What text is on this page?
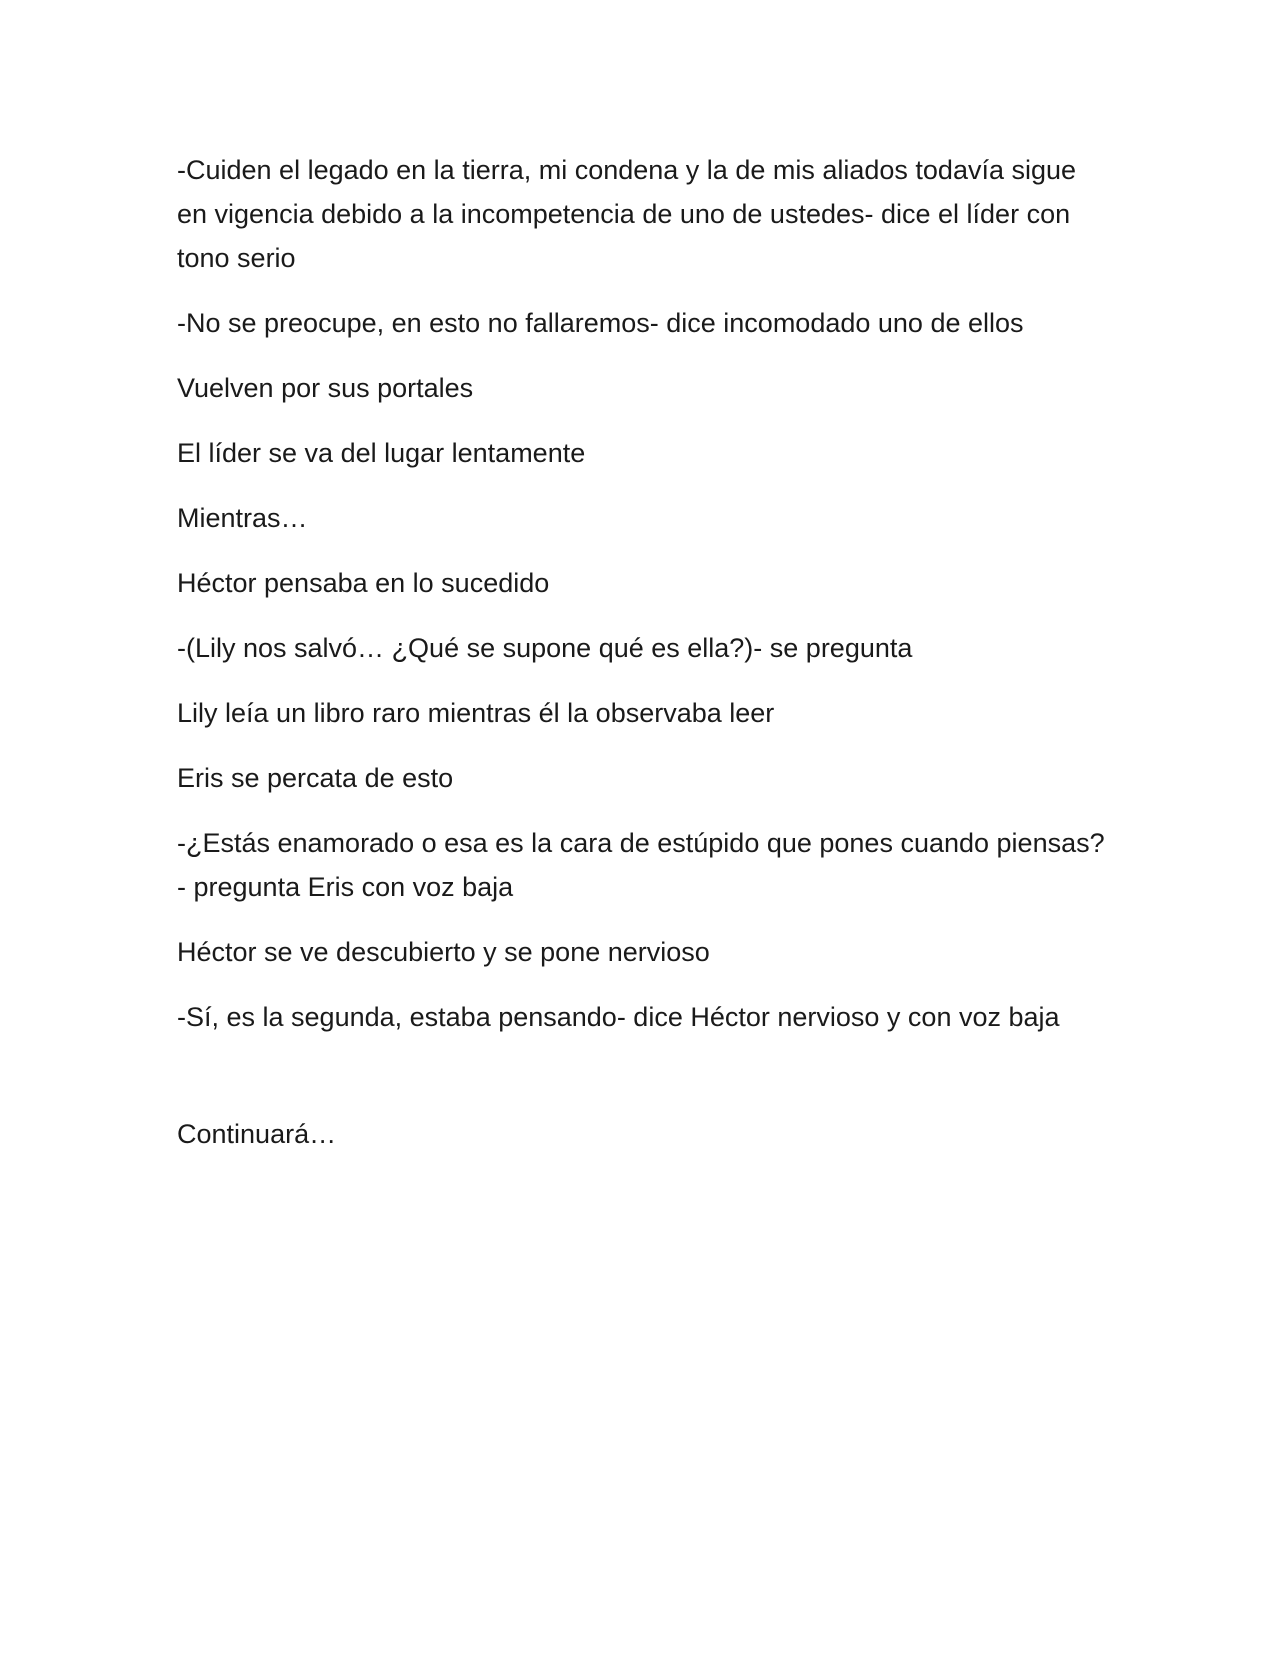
-Cuiden el legado en la tierra, mi condena y la de mis aliados todavía sigue en vigencia debido a la incompetencia de uno de ustedes- dice el líder con tono serio

-No se preocupe, en esto no fallaremos- dice incomodado uno de ellos

Vuelven por sus portales

El líder se va del lugar lentamente

Mientras…

Héctor pensaba en lo sucedido

-(Lily nos salvó… ¿Qué se supone qué es ella?)- se pregunta

Lily leía un libro raro mientras él la observaba leer

Eris se percata de esto

-¿Estás enamorado o esa es la cara de estúpido que pones cuando piensas?- pregunta Eris con voz baja

Héctor se ve descubierto y se pone nervioso

-Sí, es la segunda, estaba pensando- dice Héctor nervioso y con voz baja

Continuará…
